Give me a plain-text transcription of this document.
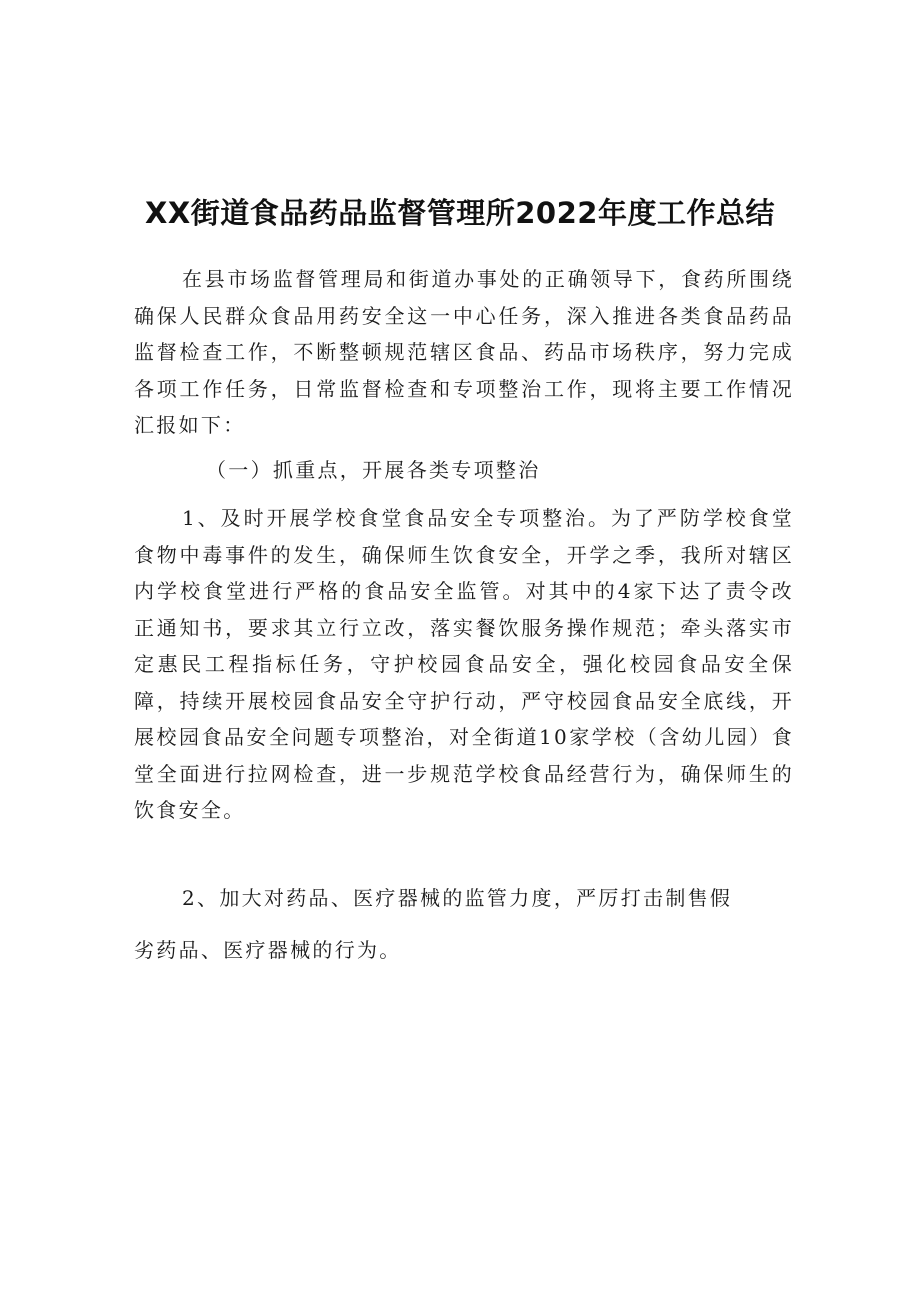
XX街道食品药品监督管理所2022年度工作总结

在县市场监督管理局和街道办事处的正确领导下，食药所围绕确保人民群众食品用药安全这一中心任务，深入推进各类食品药品监督检查工作，不断整顿规范辖区食品、药品市场秩序，努力完成各项工作任务，日常监督检查和专项整治工作，现将主要工作情况汇报如下：

（一）抓重点，开展各类专项整治

1、及时开展学校食堂食品安全专项整治。为了严防学校食堂食物中毒事件的发生，确保师生饮食安全，开学之季，我所对辖区内学校食堂进行严格的食品安全监管。对其中的4家下达了责令改正通知书，要求其立行立改，落实餐饮服务操作规范；牵头落实市定惠民工程指标任务，守护校园食品安全，强化校园食品安全保障，持续开展校园食品安全守护行动，严守校园食品安全底线，开展校园食品安全问题专项整治，对全街道10家学校（含幼儿园）食堂全面进行拉网检查，进一步规范学校食品经营行为，确保师生的饮食安全。

2、加大对药品、医疗器械的监管力度，严厉打击制售假劣药品、医疗器械的行为。
